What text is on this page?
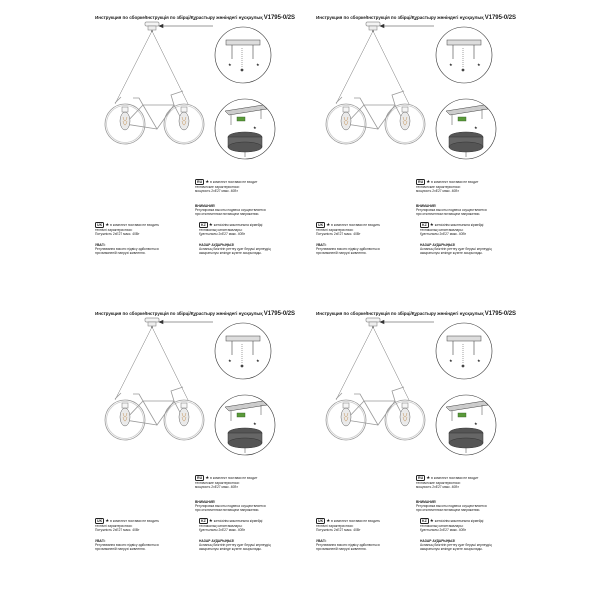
Инструкция по сборке/Інструкція по збірці/Құрастыру жөніндегі нұсқаулық V1795-0/2S
★
★
★
RU ★ в комплект поставки не входит
технические характеристики:
мощность 2xE27 макс. 40Вт
ВНИМАНИЕ!
Регулировка высоты подвеса осуществляется
при отключенном питающем напряжении.
UK ★ в комплект поставки не входить
технічні характеристики:
Потужність 2xE27 макс. 40Вт
KZ ★ жеткізілім жиынтығына кірмейді
техникалық сипаттамалары:
Қуаттылығы 2xE27 макс. 40Вт
УВАГІ:
Регулювання висоти підвісу здійснюється
при вимкненій напрузі живлення.
НАЗАР АУДАРЫҢЫЗ!
Аспаның биіктігін реттеу қуат берушi кернеудің
ажыратылуы кезінде жүзеге асырылады.
Инструкция по сборке/Інструкція по збірці/Құрастыру жөніндегі нұсқаулық V1795-0/2S
★
★
★
RU ★ в комплект поставки не входит
технические характеристики:
мощность 2xE27 макс. 40Вт
ВНИМАНИЕ!
Регулировка высоты подвеса осуществляется
при отключенном питающем напряжении.
UK ★ в комплект поставки не входить
технічні характеристики:
Потужність 2xE27 макс. 40Вт
KZ ★ жеткізілім жиынтығына кірмейді
техникалық сипаттамалары:
Қуаттылығы 2xE27 макс. 40Вт
УВАГІ:
Регулювання висоти підвісу здійснюється
при вимкненій напрузі живлення.
НАЗАР АУДАРЫҢЫЗ!
Аспаның биіктігін реттеу қуат берушi кернеудің
ажыратылуы кезінде жүзеге асырылады.
Инструкция по сборке/Інструкція по збірці/Құрастыру жөніндегі нұсқаулық V1795-0/2S
★
★
★
RU ★ в комплект поставки не входит
технические характеристики:
мощность 2xE27 макс. 40Вт
ВНИМАНИЕ!
Регулировка высоты подвеса осуществляется
при отключенном питающем напряжении.
UK ★ в комплект поставки не входить
технічні характеристики:
Потужність 2xE27 макс. 40Вт
KZ ★ жеткізілім жиынтығына кірмейді
техникалық сипаттамалары:
Қуаттылығы 2xE27 макс. 40Вт
УВАГІ:
Регулювання висоти підвісу здійснюється
при вимкненій напрузі живлення.
НАЗАР АУДАРЫҢЫЗ!
Аспаның биіктігін реттеу қуат берушi кернеудің
ажыратылуы кезінде жүзеге асырылады.
Инструкция по сборке/Інструкція по збірці/Құрастыру жөніндегі нұсқаулық V1795-0/2S
★
★
★
RU ★ в комплект поставки не входит
технические характеристики:
мощность 2xE27 макс. 40Вт
ВНИМАНИЕ!
Регулировка высоты подвеса осуществляется
при отключенном питающем напряжении.
UK ★ в комплект поставки не входить
технічні характеристики:
Потужність 2xE27 макс. 40Вт
KZ ★ жеткізілім жиынтығына кірмейді
техникалық сипаттамалары:
Қуаттылығы 2xE27 макс. 40Вт
УВАГІ:
Регулювання висоти підвісу здійснюється
при вимкненій напрузі живлення.
НАЗАР АУДАРЫҢЫЗ!
Аспаның биіктігін реттеу қуат берушi кернеудің
ажыратылуы кезінде жүзеге асырылады.
